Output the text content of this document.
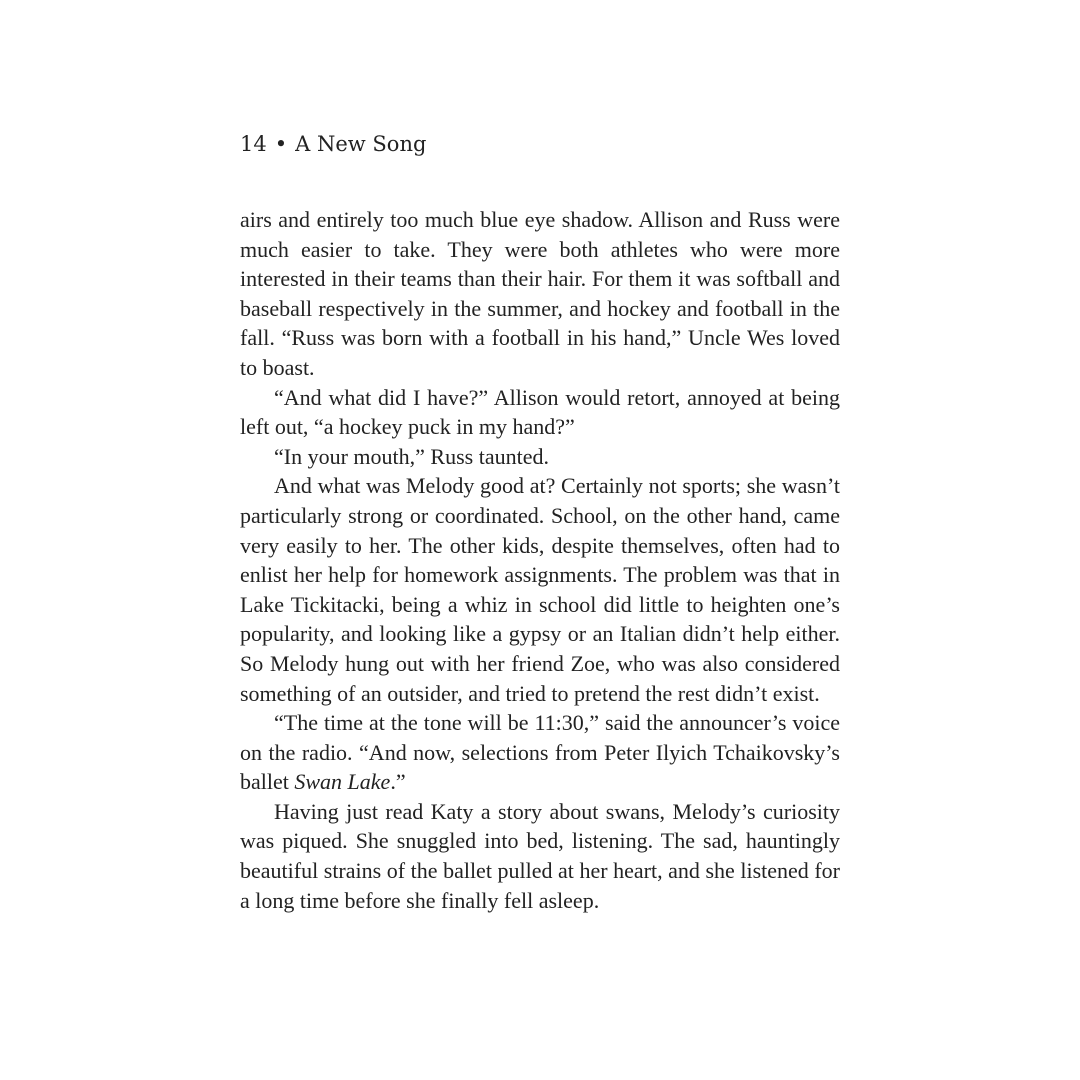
14 • A New Song

airs and entirely too much blue eye shadow. Allison and Russ were much easier to take. They were both athletes who were more interested in their teams than their hair. For them it was softball and baseball respectively in the summer, and hockey and football in the fall. “Russ was born with a football in his hand,” Uncle Wes loved to boast.

“And what did I have?” Allison would retort, annoyed at being left out, “a hockey puck in my hand?”

“In your mouth,” Russ taunted.

And what was Melody good at? Certainly not sports; she wasn’t particularly strong or coordinated. School, on the other hand, came very easily to her. The other kids, despite themselves, often had to enlist her help for homework assignments. The problem was that in Lake Tickitacki, being a whiz in school did little to heighten one’s popularity, and looking like a gypsy or an Italian didn’t help either. So Melody hung out with her friend Zoe, who was also considered something of an outsider, and tried to pretend the rest didn’t exist.

“The time at the tone will be 11:30,” said the announcer’s voice on the radio. “And now, selections from Peter Ilyich Tchaikovsky’s ballet Swan Lake.”

Having just read Katy a story about swans, Melody’s curiosity was piqued. She snuggled into bed, listening. The sad, hauntingly beautiful strains of the ballet pulled at her heart, and she listened for a long time before she finally fell asleep.
